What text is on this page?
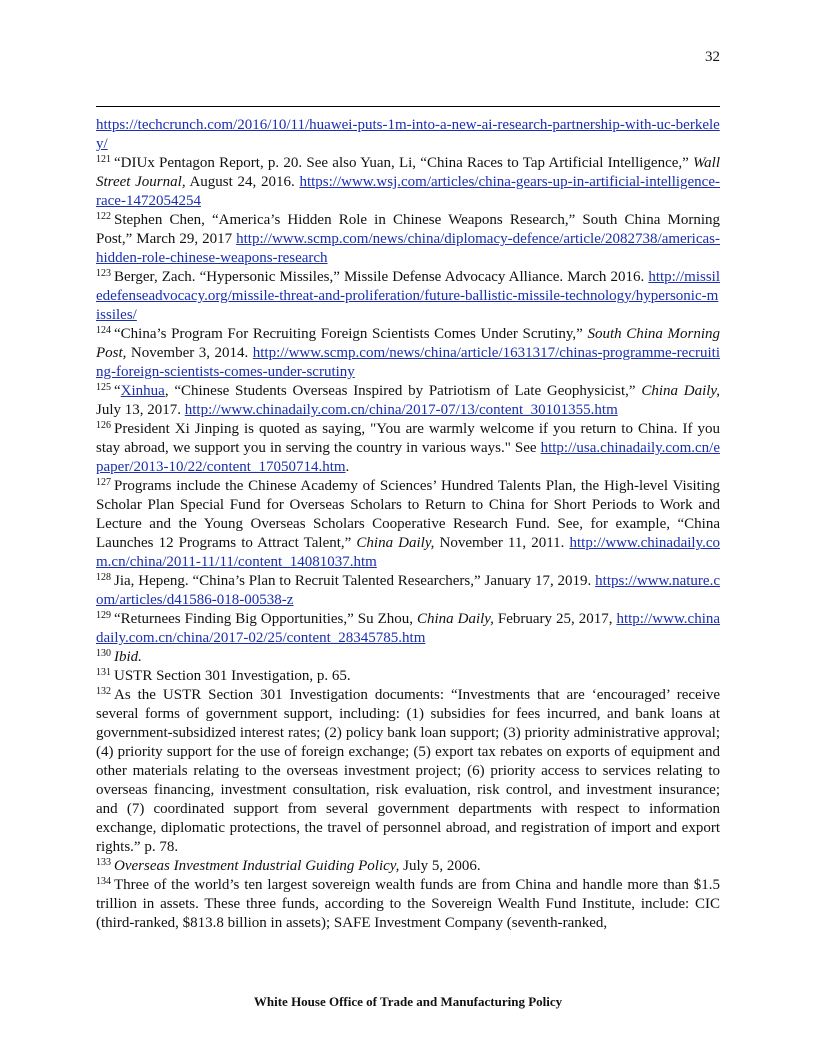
32

https://techcrunch.com/2016/10/11/huawei-puts-1m-into-a-new-ai-research-partnership-with-uc-berkeley/

$^{121}$ “DIUx Pentagon Report, p. 20. See also Yuan, Li, “China Races to Tap Artificial Intelligence,” Wall Street Journal, August 24, 2016. https://www.wsj.com/articles/china-gears-up-in-artificial-intelligence-race-1472054254

$^{122}$ Stephen Chen, “America’s Hidden Role in Chinese Weapons Research,” South China Morning Post,” March 29, 2017 http://www.scmp.com/news/china/diplomacy-defence/article/2082738/americas-hidden-role-chinese-weapons-research

$^{123}$ Berger, Zach. “Hypersonic Missiles,” Missile Defense Advocacy Alliance. March 2016. http://missiledefenseadvocacy.org/missile-threat-and-proliferation/future-ballistic-missile-technology/hypersonic-missiles/

$^{124}$ “China’s Program For Recruiting Foreign Scientists Comes Under Scrutiny,” South China Morning Post, November 3, 2014. http://www.scmp.com/news/china/article/1631317/chinas-programme-recruiting-foreign-scientists-comes-under-scrutiny

$^{125}$ “Xinhua, “Chinese Students Overseas Inspired by Patriotism of Late Geophysicist,” China Daily, July 13, 2017. http://www.chinadaily.com.cn/china/2017-07/13/content_30101355.htm

$^{126}$ President Xi Jinping is quoted as saying, "You are warmly welcome if you return to China. If you stay abroad, we support you in serving the country in various ways." See http://usa.chinadaily.com.cn/epaper/2013-10/22/content_17050714.htm.

$^{127}$ Programs include the Chinese Academy of Sciences’ Hundred Talents Plan, the High-level Visiting Scholar Plan Special Fund for Overseas Scholars to Return to China for Short Periods to Work and Lecture and the Young Overseas Scholars Cooperative Research Fund. See, for example, “China Launches 12 Programs to Attract Talent,” China Daily, November 11, 2011. http://www.chinadaily.com.cn/china/2011-11/11/content_14081037.htm

$^{128}$ Jia, Hepeng. “China’s Plan to Recruit Talented Researchers,” January 17, 2019. https://www.nature.com/articles/d41586-018-00538-z

$^{129}$ “Returnees Finding Big Opportunities,” Su Zhou, China Daily, February 25, 2017, http://www.chinadaily.com.cn/china/2017-02/25/content_28345785.htm

$^{130}$ Ibid.

$^{131}$ USTR Section 301 Investigation, p. 65.

$^{132}$ As the USTR Section 301 Investigation documents: “Investments that are ‘encouraged’ receive several forms of government support, including: (1) subsidies for fees incurred, and bank loans at government-subsidized interest rates; (2) policy bank loan support; (3) priority administrative approval; (4) priority support for the use of foreign exchange; (5) export tax rebates on exports of equipment and other materials relating to the overseas investment project; (6) priority access to services relating to overseas financing, investment consultation, risk evaluation, risk control, and investment insurance; and (7) coordinated support from several government departments with respect to information exchange, diplomatic protections, the travel of personnel abroad, and registration of import and export rights.” p. 78.

$^{133}$ Overseas Investment Industrial Guiding Policy, July 5, 2006.

$^{134}$ Three of the world’s ten largest sovereign wealth funds are from China and handle more than $1.5 trillion in assets. These three funds, according to the Sovereign Wealth Fund Institute, include: CIC (third-ranked, $813.8 billion in assets); SAFE Investment Company (seventh-ranked,

White House Office of Trade and Manufacturing Policy
